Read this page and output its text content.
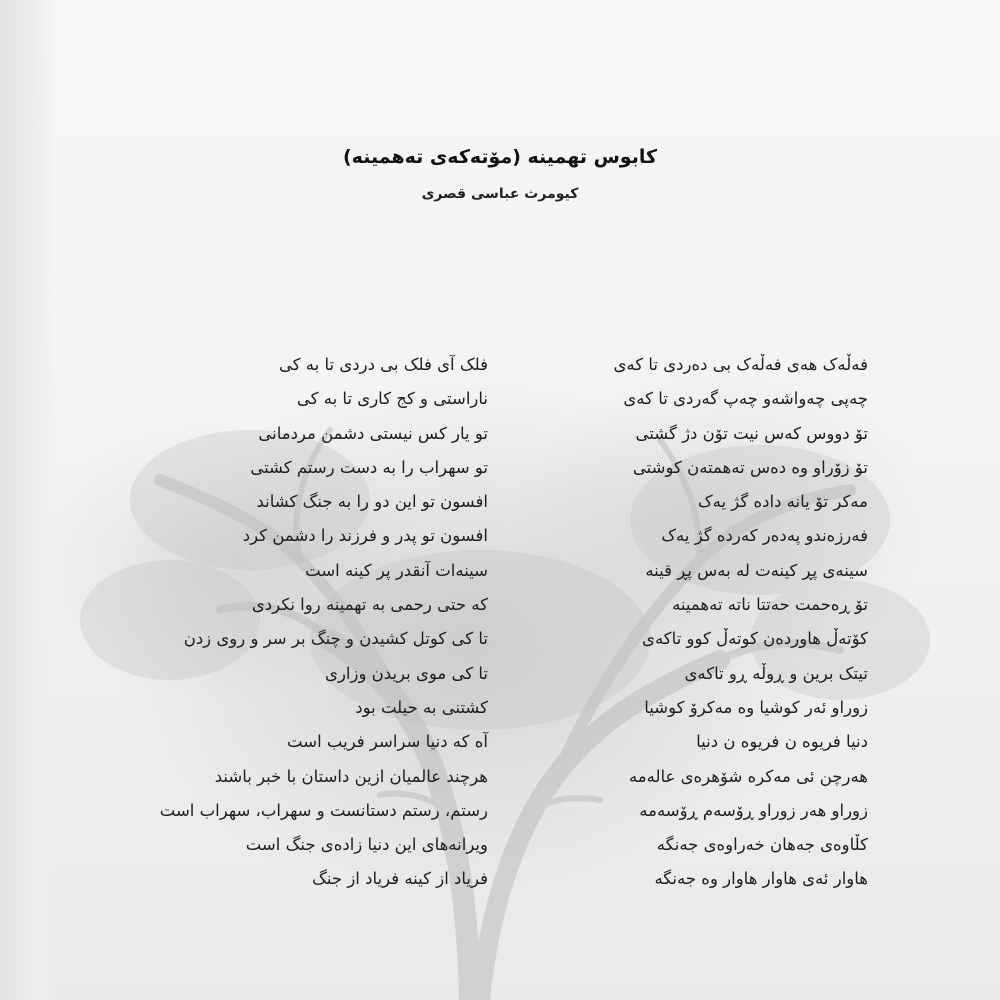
کابوس تهمینه (مۆتەکەی تەهمینە)
کیومرث عباسی قصری
فەڵەک هەی فەڵەک بی دەردی تا کەی
چەپی چەواشەو چەپ گەردی تا کەی
تۆ دووس کەس نیت تۆن دژ گشتی
تۆ زۆراو وە دەس تەهمتەن کوشتی
مەکر تۆ یانە دادە گژ یەک
فەرزەندو پەدەر کەردە گژ یەک
سینەی پڕ کینەت لە بەس پڕ قینە
تۆ ڕەحمت حەتتا ناتە تەهمینە
کۆتەڵ هاوردەن کوتەڵ کوو تاکەی
تیتک برین و ڕوڵە ڕو تاکەی
زوراو ئەر کوشیا وە مەکرۆ کوشیا
دنیا فریوە ن فریوە ن دنیا
هەرچن ئی مەکرە شۆهرەی عالەمە
زوراو هەر زوراو ڕۆسەم ڕۆسەمە
کڵاوەی جەهان خەراوەی جەنگە
هاوار ئەی هاوار هاوار وە جەنگە
فلک آی فلک بی دردی تا به کی
ناراستی و کج کاری تا به کی
تو یار کس نیستی دشمن مردمانی
تو سهراب را به دست رستم کشتی
افسون تو این دو را به جنگ کشاند
افسون تو پدر و فرزند را دشمن کرد
سینه‌ات آنقدر پر کینه است
که حتی رحمی به تهمینه روا نکردی
تا کی کوتل کشیدن و چنگ بر سر و روی زدن
تا کی موی بریدن وزاری
کشتنی به حیلت بود
آه که دنیا سراسر فریب است
هرچند عالمیان ازین داستان با خبر باشند
رستم، رستم دستانست و سهراب، سهراب است
ویرانه‌های این دنیا زاده‌ی جنگ است
فریاد از کینه فریاد از جنگ
